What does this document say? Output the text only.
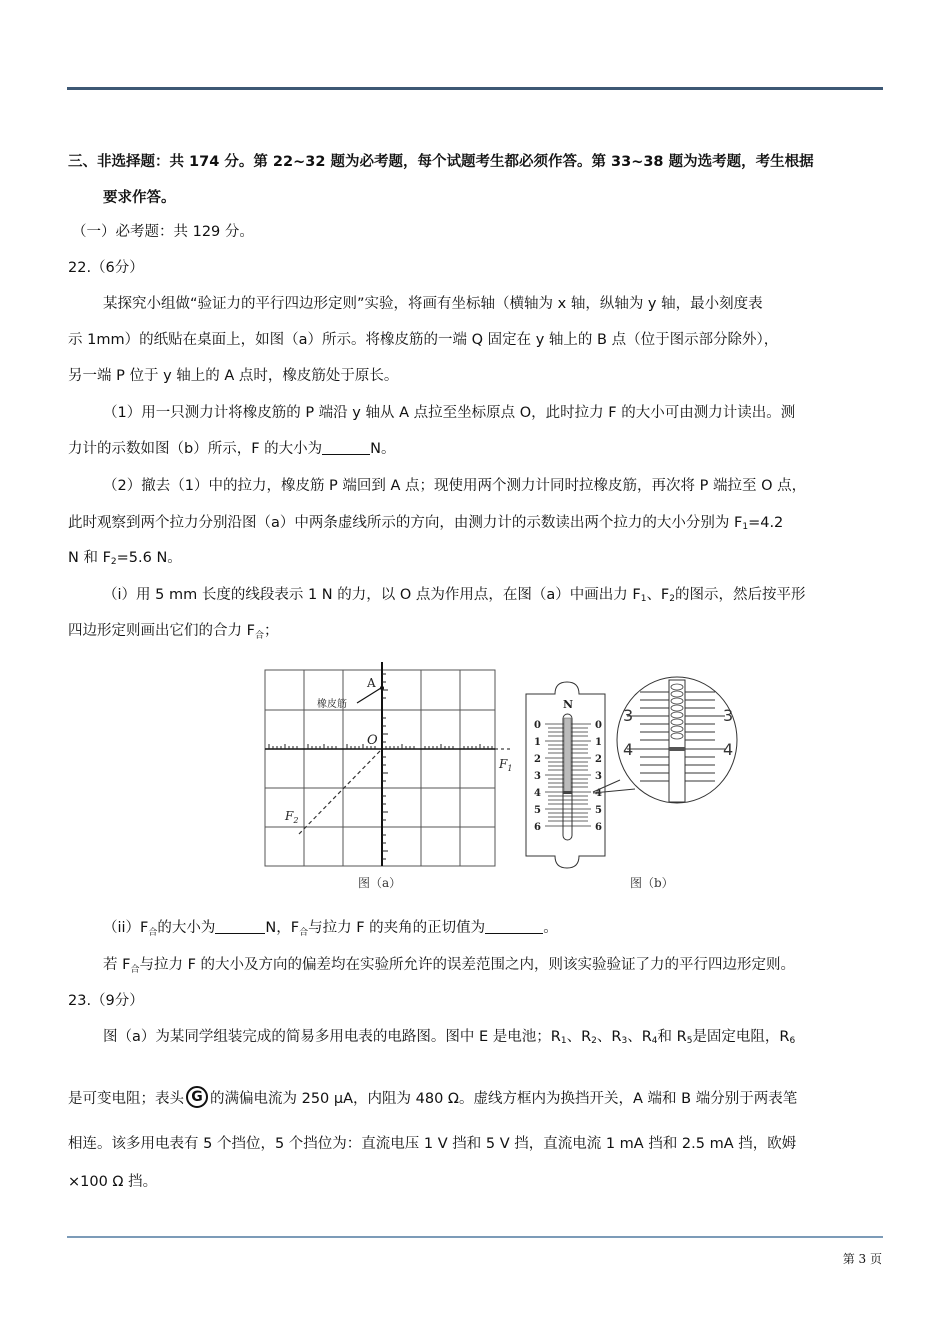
三、非选择题：共 174 分。第 22~32 题为必考题，每个试题考生都必须作答。第 33~38 题为选考题，考生根据
要求作答。
（一）必考题：共 129 分。
22.（6分）
某探究小组做“验证力的平行四边形定则”实验，将画有坐标轴（横轴为 x 轴，纵轴为 y 轴，最小刻度表
示 1mm）的纸贴在桌面上，如图（a）所示。将橡皮筋的一端 Q 固定在 y 轴上的 B 点（位于图示部分除外），
另一端 P 位于 y 轴上的 A 点时，橡皮筋处于原长。
（1）用一只测力计将橡皮筋的 P 端沿 y 轴从 A 点拉至坐标原点 O，此时拉力 F 的大小可由测力计读出。测
力计的示数如图（b）所示，F 的大小为	N。
（2）撤去（1）中的拉力，橡皮筋 P 端回到 A 点；现使用两个测力计同时拉橡皮筋，再次将 P 端拉至 O 点，
此时观察到两个拉力分别沿图（a）中两条虚线所示的方向，由测力计的示数读出两个拉力的大小分别为 $F_1=4.2$
N 和 $F_2=5.6$ N。
（i）用 5 mm 长度的线段表示 1 N 的力，以 O 点为作用点，在图（a）中画出力 $F_1$、$F_2$的图示，然后按平形
四边形定则画出它们的合力 $F_合$；
A
橡皮筋
O
$F_1$
$F_2$
N
0	0
1	1
2	2
3	3
4	4
5	5
6	6
3	3
4	4
图（a）	图（b）
$(ii)F_合$的大小为	N，$F_合$与拉力 F 的夹角的正切值为	。
若 $F_合$与拉力 F 的大小及方向的偏差均在实验所允许的误差范围之内，则该实验验证了力的平行四边形定则。
23.（9分）
图（a）为某同学组装完成的简易多用电表的电路图。图中 E 是电池；$R_1$、$R_2$、$R_3$、$R_4$和 $R_5$是固定电阻，$R_6$
是可变电阻；表头 G 的满偏电流为 250 μA，内阻为 480 Ω。虚线方框内为换挡开关，A 端和 B 端分别于两表笔
相连。该多用电表有 5 个挡位，5 个挡位为：直流电压 1 V 挡和 5 V 挡，直流电流 1 mA 挡和 2.5 mA 挡，欧姆
×100 Ω 挡。
第 3 页
